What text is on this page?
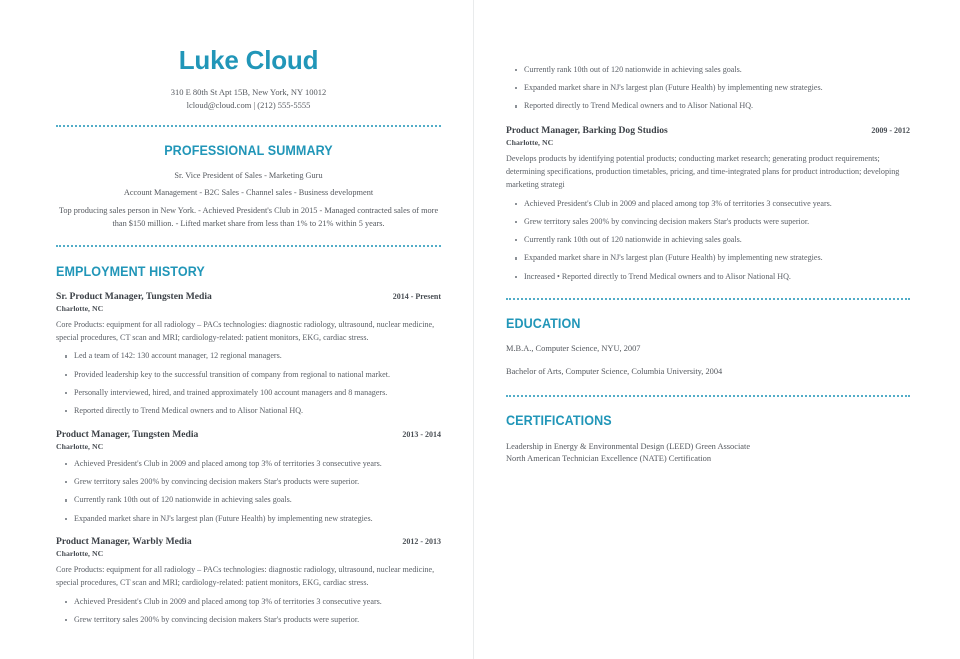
Luke Cloud
310 E 80th St Apt 15B, New York, NY 10012
lcloud@cloud.com | (212) 555-5555
PROFESSIONAL SUMMARY

Sr. Vice President of Sales - Marketing Guru

Account Management - B2C Sales - Channel sales - Business development

Top producing sales person in New York. - Achieved President's Club in 2015 - Managed contracted sales of more than $150 million. - Lifted market share from less than 1% to 21% within 5 years.

EMPLOYMENT HISTORY
Sr. Product Manager, Tungsten Media	2014 - Present
Charlotte, NC
Core Products: equipment for all radiology – PACs technologies: diagnostic radiology, ultrasound, nuclear medicine, special procedures, CT scan and MRI; cardiology-related: patient monitors, EKG, cardiac stress.
Led a team of 142: 130 account manager, 12 regional managers.
Provided leadership key to the successful transition of company from regional to national market.
Personally interviewed, hired, and trained approximately 100 account managers and 8 managers.
Reported directly to Trend Medical owners and to Alisor National HQ.
Product Manager, Tungsten Media	2013 - 2014
Charlotte, NC
Achieved President's Club in 2009 and placed among top 3% of territories 3 consecutive years.
Grew territory sales 200% by convincing decision makers Star's products were superior.
Currently rank 10th out of 120 nationwide in achieving sales goals.
Expanded market share in NJ's largest plan (Future Health) by implementing new strategies.
Product Manager, Warbly Media	2012 - 2013
Charlotte, NC
Core Products: equipment for all radiology – PACs technologies: diagnostic radiology, ultrasound, nuclear medicine, special procedures, CT scan and MRI; cardiology-related: patient monitors, EKG, cardiac stress.
Achieved President's Club in 2009 and placed among top 3% of territories 3 consecutive years.
Grew territory sales 200% by convincing decision makers Star's products were superior.
Currently rank 10th out of 120 nationwide in achieving sales goals.
Expanded market share in NJ's largest plan (Future Health) by implementing new strategies.
Reported directly to Trend Medical owners and to Alisor National HQ.
Product Manager, Barking Dog Studios	2009 - 2012
Charlotte, NC
Develops products by identifying potential products; conducting market research; generating product requirements; determining specifications, production timetables, pricing, and time-integrated plans for product introduction; developing marketing strategi
Achieved President's Club in 2009 and placed among top 3% of territories 3 consecutive years.
Grew territory sales 200% by convincing decision makers Star's products were superior.
Currently rank 10th out of 120 nationwide in achieving sales goals.
Expanded market share in NJ's largest plan (Future Health) by implementing new strategies.
Increased • Reported directly to Trend Medical owners and to Alisor National HQ.
EDUCATION
M.B.A., Computer Science, NYU, 2007
Bachelor of Arts, Computer Science, Columbia University, 2004
CERTIFICATIONS
Leadership in Energy & Environmental Design (LEED) Green Associate
North American Technician Excellence (NATE) Certification
